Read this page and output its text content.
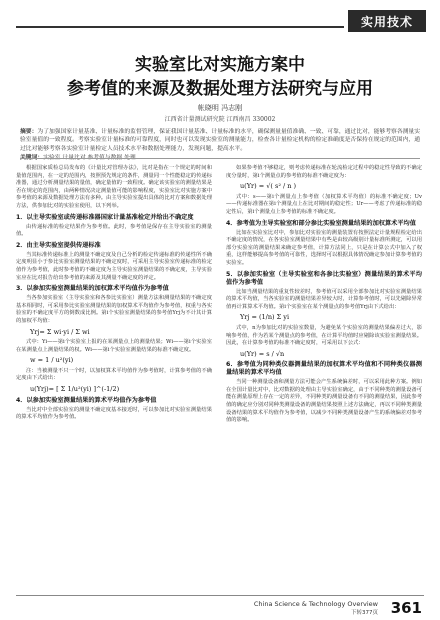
实用技术
实验室比对实施方案中
参考值的来源及数据处理方法研究与应用
帐晓明 冯志刚
江西省计量测试研究院 江西南昌 330002
摘要：为了加强国家计量基准、计量标准的监督管理，保证我国计量基准、计量标准的水平，确保测量量值准确、一致、可靠，通过比对，能够考察各测量实验室量值的一致程度。考察实验室计量标准的可靠程度，同时也可以发现实验室的测量能力，检查各计量检定机构的检定准确度是否保持在规定的范围内，通过比对能够考察各实验室计量检定人员技术水平和数据处理能力，发现问题，提高水平。

根据国家质检总局发布的《计量比对管理办法》，比对是指在一个规定的时间和量值范围内，在一定的范围内，按照预先规定的条件，测量同一个性能稳定的传递标准器，通过分析测量结果的量值，确定量值的一致程度。确定该实验室的测量结果是否在规定的范围内，由两种情况决定测量值可能的影响程度，实验室比对实施方案中参考值的来源及数据处理方法有多种。由主导实验室提出具体的比对方案和数据处理方法，供参加比对的实验室使用，以下列举。

1．以主导实验室或传递标准器国家计量基准检定并给出不确定度

由传递标准的检定结果作为参考值。此时，参考值是保存在主导实验室的测量值。

2．由主导实验室提供传递标准

当其标准传递标准上的测量不确定度及自己分析的检定传递标准的传递性所不确定度明显小于参比实验室测量结果的不确定度时，可采用主导实验室传递标准的检定值作为参考值，此时参考值的不确定度为主导实验室测量结果的不确定度，主导实验室应在比对报告给出参考值的来源及其测量不确定度的评定。

3．以参加实验室测量结果的加权算术平均值作为参考值

当各参加实验室（主导实验室和各参比实验室）测量方法和测量结果的不确定度基本相同时，可采用参比实验室测量结果的加权算术平均值作为参考值，权重与各实验室的不确定度平方的倒数成比例。第i个实验室测量结果的参考值Yrj为不计其计算的加权平均值：

Yrj= Σ wi·yi / Σ wi

式中：Yi——第i个实验室上报的在某测量点上的测量结果；Wi——第i个实验室在某测量点上测量结果的权。Wi——第i个实验室测量结果的标准不确定度。

w = 1 / u²(yi)

注：当被测量不只一个时，以加权算术平均值作为参考值时，计算参考值的不确定度由下式给出：

u(Yrj)= [ Σ 1/u²(yi) ]^(-1/2)
4．以参加实验室测量结果的算术平均值作为参考值

当比对中全部实验室的测量不确定度基本接近时，可以参加比对实验室测量结果的算术平均值作为参考值。

如果参考值不够稳定，则考虑传递标准在轮流检定过程中的稳定性导致的不确定度分量时，第i个测量点的参考值的标准不确定度为：

u(Yr) = √( s² / n )

式中：s——第i个测量点上参考值（加权算术平均值）的标准不确定度；Uv——传递标准器在第i个测量点上在比对期间的稳定性；Ur——考虑了传递标准的稳定性后，第i个测量点上参考值的标准不确定度。

4．参考值为主导实验室和部分参比实验室测量结果的加权算术平均值

比如在实验室比对中，参加比对实验室的测量装置有按照法定计量规程检定给出不确定度的情况，在各实验室测量结果中有些是由较高级别计量标准所测定，可以用部分实验室的测量结果来确定参考值，计算方法同上，只是在计算公式中加入了权重，这样能够提高参考值的可靠性，选择时可以根据具体情况确定参加计算参考值的实验室。

5．以参加实验室（主导实验室和各参比实验室）测量结果的算术平均值作为参考值

比如当测量结果的重复性较差时，参考值可以采用全部参加比对实验室测量结果的算术平均值，当各实验室的测量结果差异较大时，计算参考值时，可以先剔除异常值再计算算术平均值。第i个实验室在某个测量点的参考值Yrj由下式给出：

Yrj = (1/n) Σ yi

式中，n为参加比对的实验室数量，为避免某个实验室的测量结果偏差过大，影响参考值，作为若某个测量点的参考值，在计算平均值时应剔除该实验室测量结果。因此，在计算参考值的标准不确定度时，可采用以下公式：

u(Yr) = s / √n
6．参考值为同种类仪器测量结果的加权算术平均值和不同种类仪器测量结果的算术平均值

当同一种测量设备和测量方法可能会产生系统偏差时，可以采用此种方案。例如在全国计量比对中，比对数据的处理由主导实验室确定，由于不同种类的测量设备可能在测量原理上存在一定的差异，不同种类的测量设备有不同的测量结果，因此参考值的确定应分别对同种类测量设备的测量结果按照上述方法确定，再以不同种类测量设备结果的算术平均值作为参考值，以减少不同种类测量设备产生的系统偏差对参考值的影响。

China Science & Technology Overview
下转377页 361
